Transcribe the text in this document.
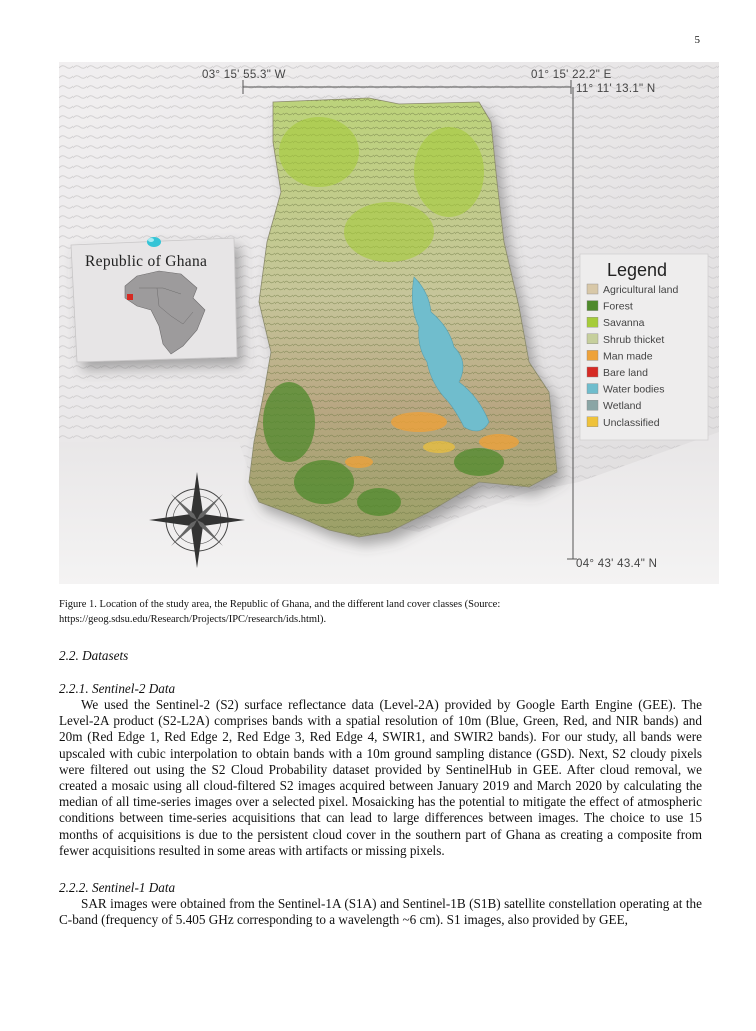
5
03° 15' 55.3" W	01° 15' 22.2" E
11° 11' 13.1" N
04° 43' 43.4" N
Republic of Ghana	Legend
Agricultural land
Forest
Savanna
Shrub thicket
Man made
Bare land
Water bodies
Wetland
Unclassified
Figure 1. Location of the study area, the Republic of Ghana, and the different land cover classes (Source:
https://geog.sdsu.edu/Research/Projects/IPC/research/ids.html).
2.2. Datasets
2.2.1. Sentinel-2 Data

We used the Sentinel-2 (S2) surface reflectance data (Level-2A) provided by Google Earth Engine (GEE). The Level-2A product (S2-L2A) comprises bands with a spatial resolution of 10m (Blue, Green, Red, and NIR bands) and 20m (Red Edge 1, Red Edge 2, Red Edge 3, Red Edge 4, SWIR1, and SWIR2 bands). For our study, all bands were upscaled with cubic interpolation to obtain bands with a 10m ground sampling distance (GSD). Next, S2 cloudy pixels were filtered out using the S2 Cloud Probability dataset provided by SentinelHub in GEE. After cloud removal, we created a mosaic using all cloud-filtered S2 images acquired between January 2019 and March 2020 by calculating the median of all time-series images over a selected pixel. Mosaicking has the potential to mitigate the effect of atmospheric conditions between time-series acquisitions that can lead to large differences between images. The choice to use 15 months of acquisitions is due to the persistent cloud cover in the southern part of Ghana as creating a composite from fewer acquisitions resulted in some areas with artifacts or missing pixels.

2.2.2. Sentinel-1 Data

SAR images were obtained from the Sentinel-1A (S1A) and Sentinel-1B (S1B) satellite constellation operating at the C-band (frequency of 5.405 GHz corresponding to a wavelength ~6 cm). S1 images, also provided by GEE,
